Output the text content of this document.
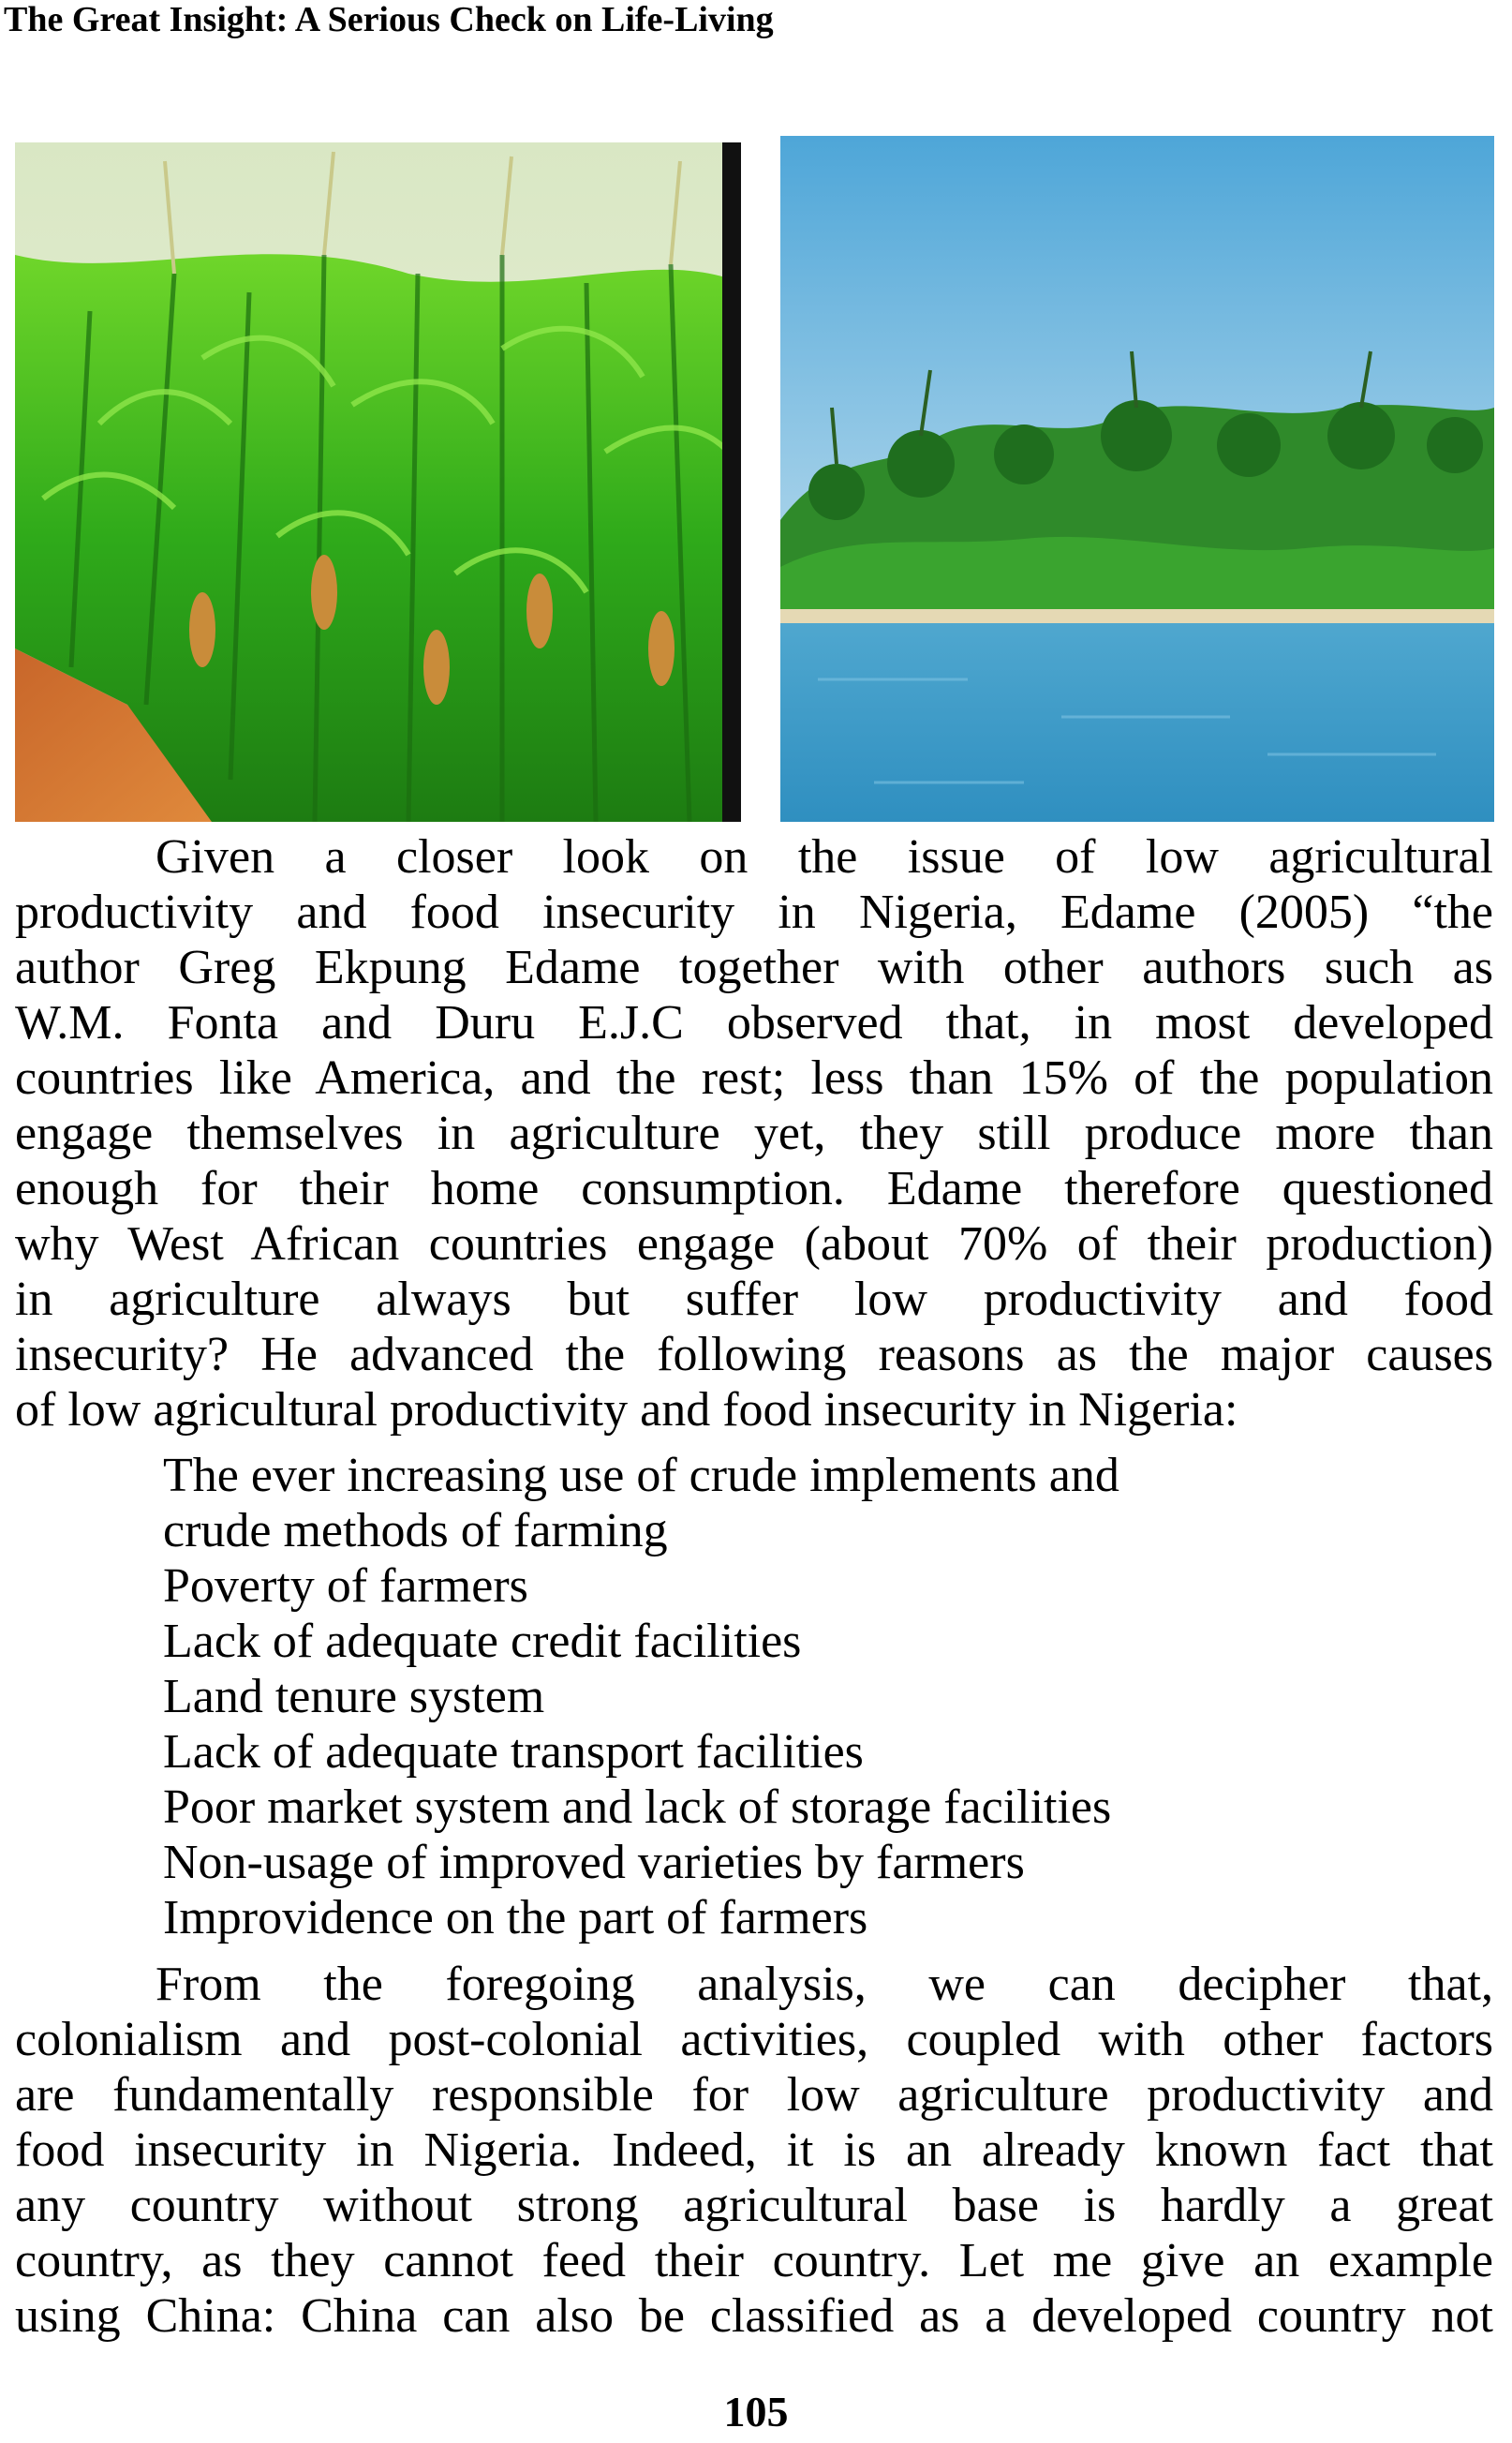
The Great Insight: A Serious Check on Life-Living
Given a closer look on the issue of low agricultural
productivity and food insecurity in Nigeria, Edame (2005) “the
author Greg Ekpung Edame together with other authors such as
W.M. Fonta and Duru E.J.C observed that, in most developed
countries like America, and the rest; less than 15% of the population
engage themselves in agriculture yet, they still produce more than
enough for their home consumption. Edame therefore questioned
why West African countries engage (about 70% of their production)
in agriculture always but suffer low productivity and food
insecurity? He advanced the following reasons as the major causes
of low agricultural productivity and food insecurity in Nigeria:

The ever increasing use of crude implements and

crude methods of farming

Poverty of farmers

Lack of adequate credit facilities

Land tenure system

Lack of adequate transport facilities

Poor market system and lack of storage facilities

Non-usage of improved varieties by farmers

Improvidence on the part of farmers

From the foregoing analysis, we can decipher that,
colonialism and post-colonial activities, coupled with other factors
are fundamentally responsible for low agriculture productivity and
food insecurity in Nigeria. Indeed, it is an already known fact that
any country without strong agricultural base is hardly a great
country, as they cannot feed their country. Let me give an example
using China: China can also be classified as a developed country not
105
